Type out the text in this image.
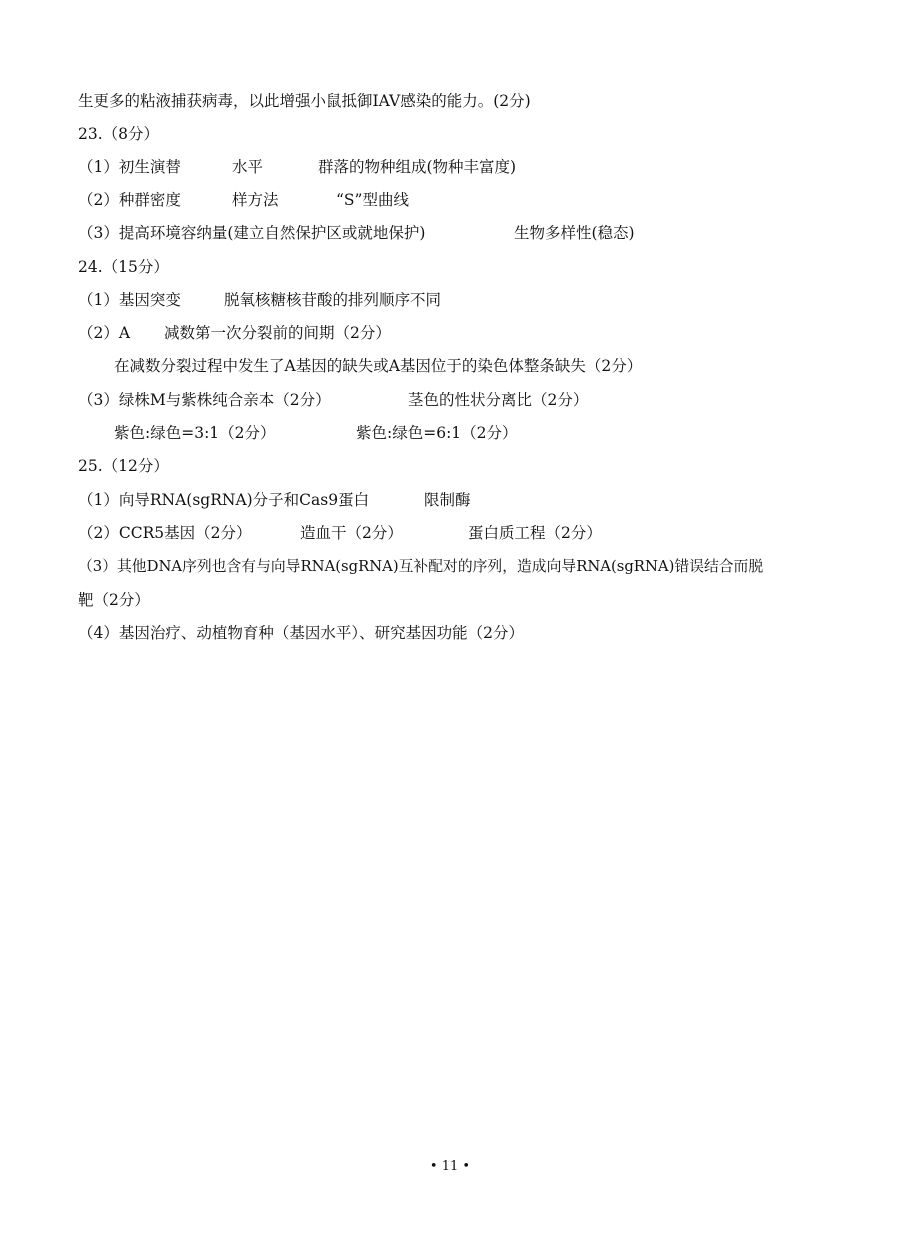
生更多的粘液捕获病毒，以此增强小鼠抵御IAV感染的能力。(2分)
23.（8分）
（1）初生演替	水平	群落的物种组成(物种丰富度)
（2）种群密度	样方法	“S”型曲线
（3）提高环境容纳量(建立自然保护区或就地保护)	生物多样性(稳态)
24.（15分）
（1）基因突变	脱氧核糖核苷酸的排列顺序不同
（2）A 减数第一次分裂前的间期（2分）
在减数分裂过程中发生了A基因的缺失或A基因位于的染色体整条缺失（2分）
（3）绿株M与紫株纯合亲本（2分）	茎色的性状分离比（2分）
紫色:绿色=3:1（2分）	紫色:绿色=6:1（2分）
25.（12分）
（1）向导RNA(sgRNA)分子和Cas9蛋白	限制酶
（2）CCR5基因（2分）	造血干（2分）	蛋白质工程（2分）
（3）其他DNA序列也含有与向导RNA(sgRNA)互补配对的序列，造成向导RNA(sgRNA)错误结合而脱
靶（2分）
（4）基因治疗、动植物育种（基因水平）、研究基因功能（2分）
• 11 •
